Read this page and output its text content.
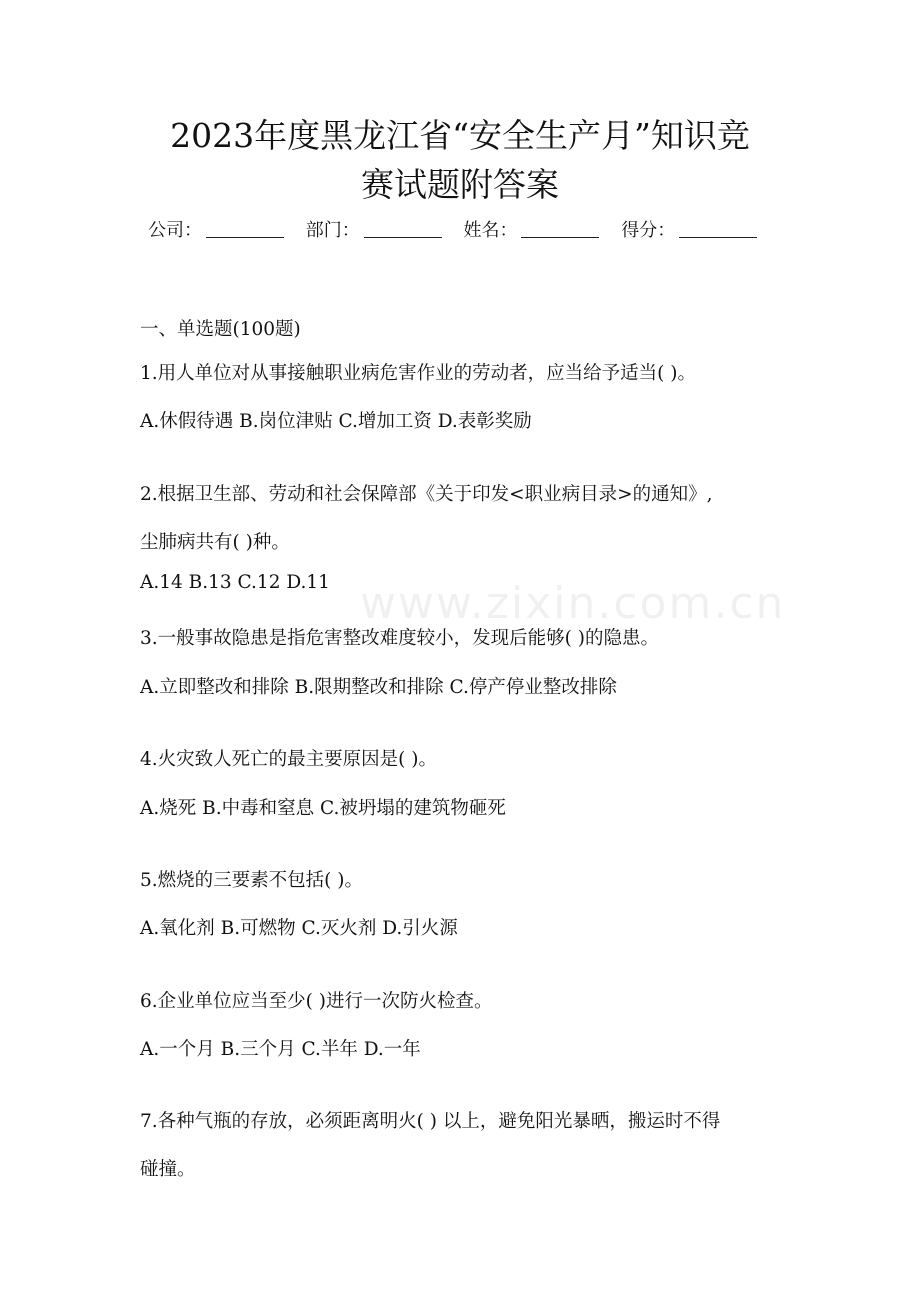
www.zixin.com.cn
2023年度黑龙江省“安全生产月”知识竞
赛试题附答案
公司：	部门：	姓名：	得分：
一、单选题(100题)
1.用人单位对从事接触职业病危害作业的劳动者，应当给予适当( )。
A.休假待遇 B.岗位津贴 C.增加工资 D.表彰奖励
2.根据卫生部、劳动和社会保障部《关于印发<职业病目录>的通知》,
尘肺病共有( )种。
A.14 B.13 C.12 D.11
3.一般事故隐患是指危害整改难度较小，发现后能够( )的隐患。
A.立即整改和排除 B.限期整改和排除 C.停产停业整改排除
4.火灾致人死亡的最主要原因是( )。
A.烧死 B.中毒和窒息 C.被坍塌的建筑物砸死
5.燃烧的三要素不包括( )。
A.氧化剂 B.可燃物 C.灭火剂 D.引火源
6.企业单位应当至少( )进行一次防火检查。
A.一个月 B.三个月 C.半年 D.一年
7.各种气瓶的存放，必须距离明火( ) 以上，避免阳光暴晒，搬运时不得
碰撞。
